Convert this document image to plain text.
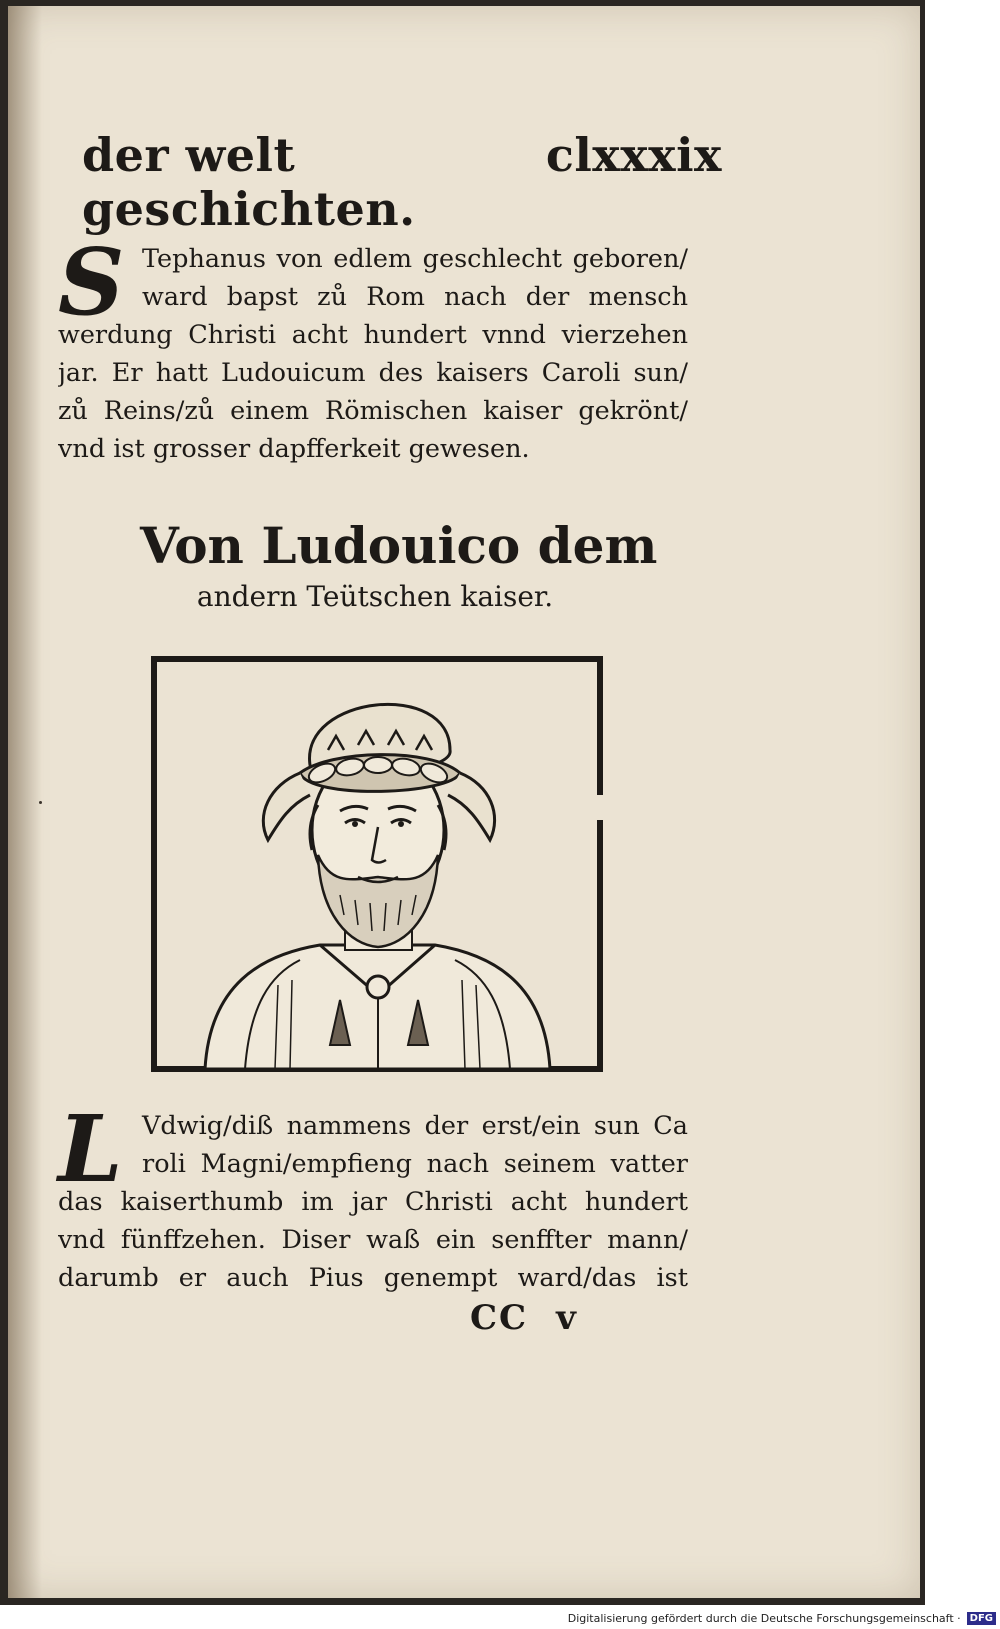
der welt geschichten.
clxxxix
S Tephanus von edlem geschlecht geboren/
ward bapst zů Rom nach der mensch
werdung Christi acht hundert vnnd vierzehen
jar. Er hatt Ludouicum des kaisers Caroli sun/
zů Reins/zů einem Römischen kaiser gekrönt/
vnd ist grosser dapfferkeit gewesen.
Von Ludouico dem
andern Teütschen kaiser.
L Vdwig/diß nammens der erst/ein sun Ca
roli Magni/empfieng nach seinem vatter
das kaiserthumb im jar Christi acht hundert
vnd fünffzehen. Diser waß ein senffter mann/
darumb er auch Pius genempt ward/das ist
CC v
Digitalisierung gefördert durch die Deutsche Forschungsgemeinschaft · DFG
